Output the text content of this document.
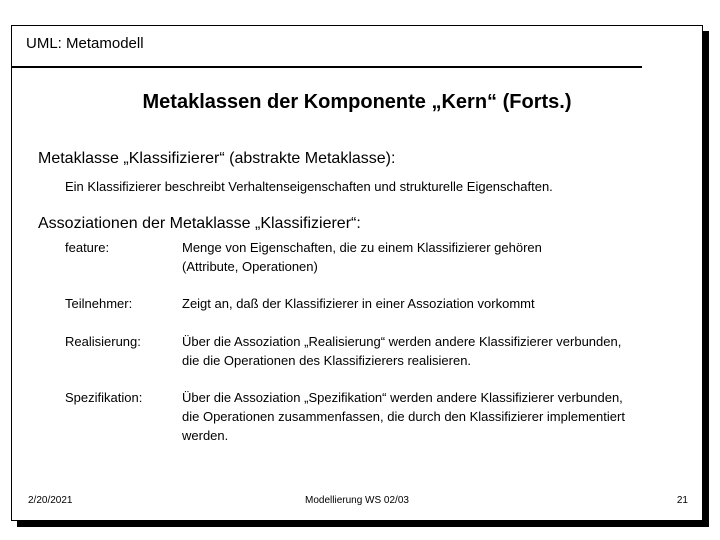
UML: Metamodell
Metaklassen der Komponente „Kern“ (Forts.)
Metaklasse „Klassifizierer“ (abstrakte Metaklasse):
Ein Klassifizierer beschreibt Verhaltenseigenschaften und strukturelle Eigenschaften.
Assoziationen der Metaklasse „Klassifizierer“:
feature:	Menge von Eigenschaften, die zu einem Klassifizierer gehören
(Attribute, Operationen)
Teilnehmer:	Zeigt an, daß der Klassifizierer in einer Assoziation vorkommt
Realisierung:	Über die Assoziation „Realisierung“ werden andere Klassifizierer verbunden,
die die Operationen des Klassifizierers realisieren.
Spezifikation:	Über die Assoziation „Spezifikation“ werden andere Klassifizierer verbunden,
die Operationen zusammenfassen, die durch den Klassifizierer implementiert
werden.
2/20/2021	Modellierung WS 02/03	21
